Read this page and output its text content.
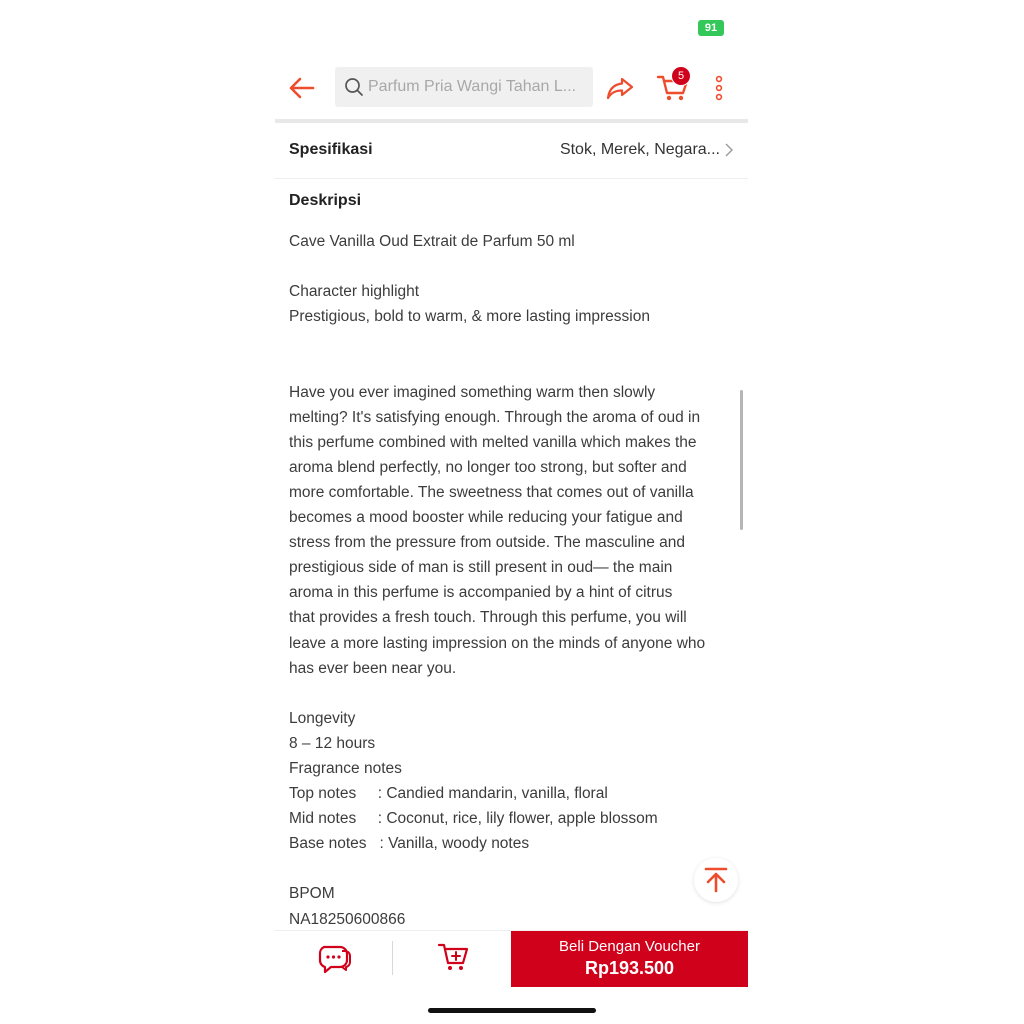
91
Parfum Pria Wangi Tahan L...
5
Spesifikasi	Stok, Merek, Negara...
Deskripsi
Cave Vanilla Oud Extrait de Parfum 50 ml

Character highlight
Prestigious, bold to warm, & more lasting impression

Have you ever imagined something warm then slowly
melting? It's satisfying enough. Through the aroma of oud in
this perfume combined with melted vanilla which makes the
aroma blend perfectly, no longer too strong, but softer and
more comfortable. The sweetness that comes out of vanilla
becomes a mood booster while reducing your fatigue and
stress from the pressure from outside. The masculine and
prestigious side of man is still present in oud— the main
aroma in this perfume is accompanied by a hint of citrus
that provides a fresh touch. Through this perfume, you will
leave a more lasting impression on the minds of anyone who
has ever been near you.

Longevity
8 – 12 hours
Fragrance notes
Top notes     : Candied mandarin, vanilla, floral
Mid notes     : Coconut, rice, lily flower, apple blossom
Base notes   : Vanilla, woody notes

BPOM
NA18250600866
Beli Dengan Voucher
Rp193.500
